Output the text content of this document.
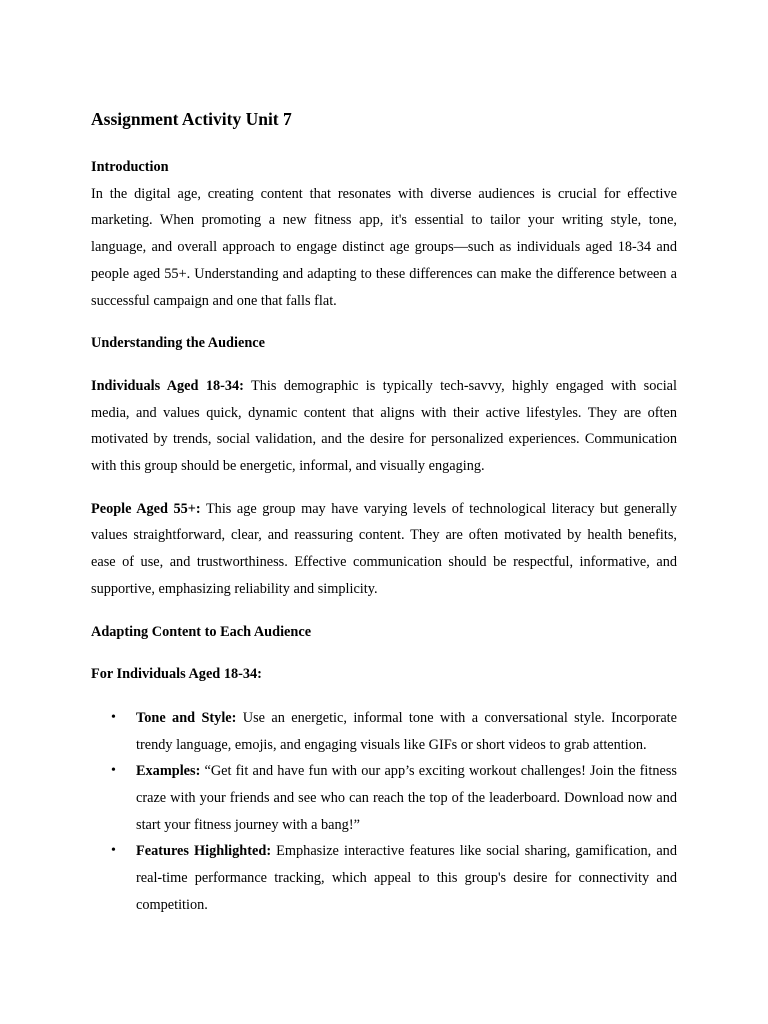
Assignment Activity Unit 7
Introduction

In the digital age, creating content that resonates with diverse audiences is crucial for effective marketing. When promoting a new fitness app, it's essential to tailor your writing style, tone, language, and overall approach to engage distinct age groups—such as individuals aged 18-34 and people aged 55+. Understanding and adapting to these differences can make the difference between a successful campaign and one that falls flat.

Understanding the Audience

Individuals Aged 18-34: This demographic is typically tech-savvy, highly engaged with social media, and values quick, dynamic content that aligns with their active lifestyles. They are often motivated by trends, social validation, and the desire for personalized experiences. Communication with this group should be energetic, informal, and visually engaging.

People Aged 55+: This age group may have varying levels of technological literacy but generally values straightforward, clear, and reassuring content. They are often motivated by health benefits, ease of use, and trustworthiness. Effective communication should be respectful, informative, and supportive, emphasizing reliability and simplicity.

Adapting Content to Each Audience
For Individuals Aged 18-34:
• Tone and Style: Use an energetic, informal tone with a conversational style. Incorporate trendy language, emojis, and engaging visuals like GIFs or short videos to grab attention.
• Examples: “Get fit and have fun with our app’s exciting workout challenges! Join the fitness craze with your friends and see who can reach the top of the leaderboard. Download now and start your fitness journey with a bang!”
• Features Highlighted: Emphasize interactive features like social sharing, gamification, and real-time performance tracking, which appeal to this group's desire for connectivity and competition.
